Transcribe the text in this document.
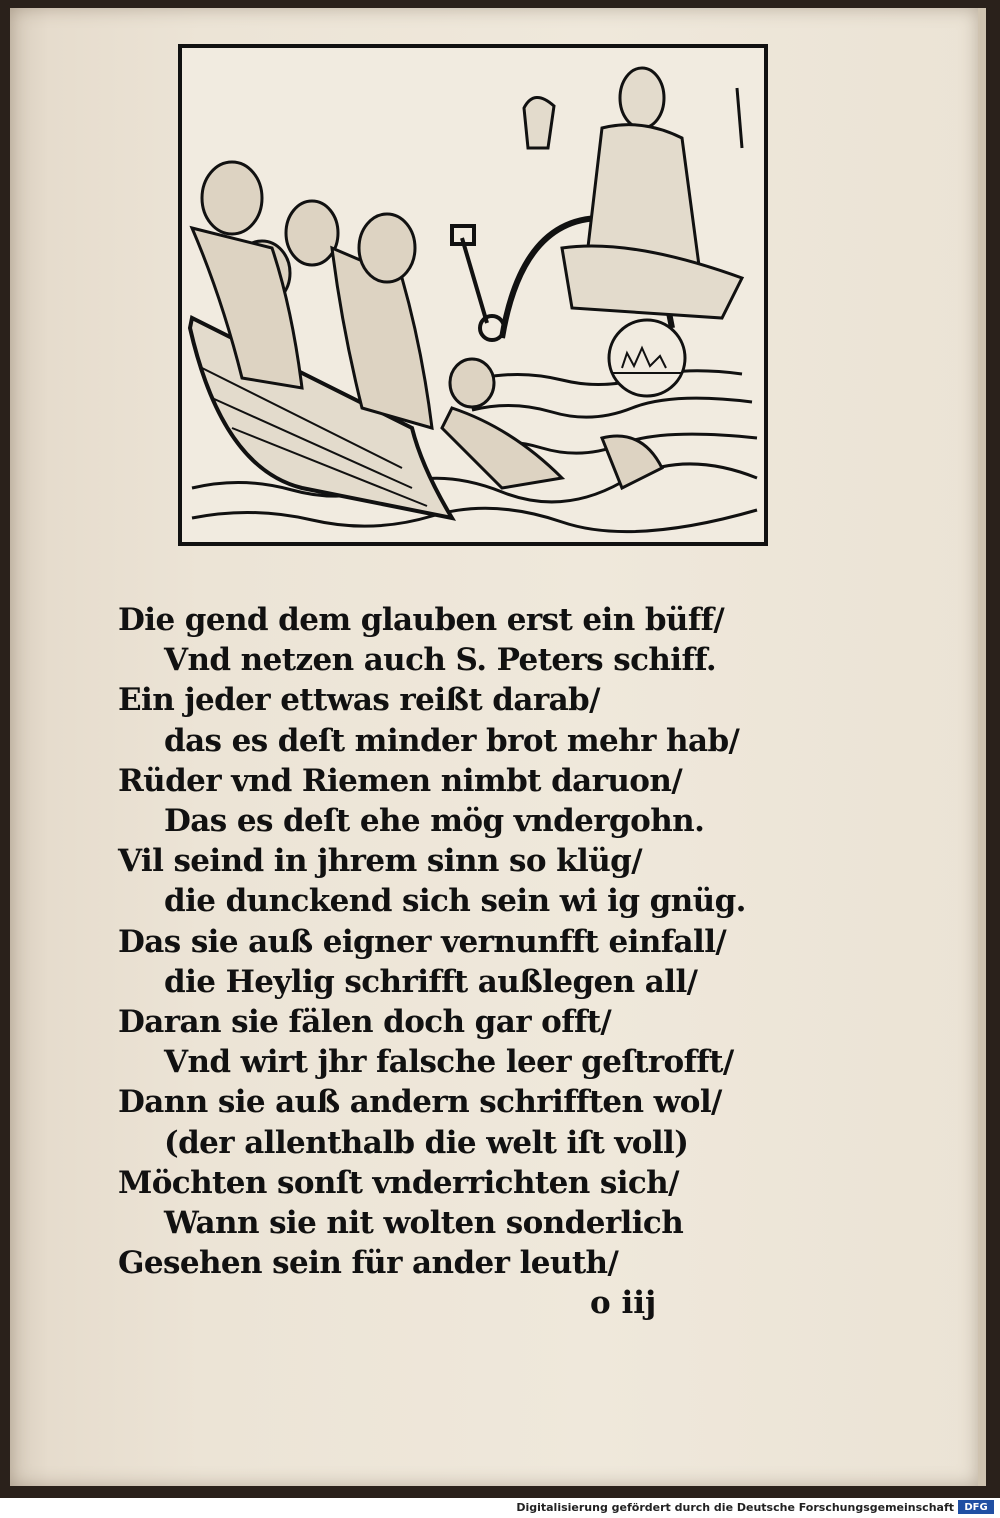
Die gend dem glauben erst ein büff/
Vnd netzen auch S. Peters schiff.
Ein jeder ettwas reißt darab/
das es deſt minder brot mehr hab/
Rüder vnd Riemen nimbt daruon/
Das es deſt ehe mög vndergohn.
Vil seind in jhrem sinn so klüg/
die dunckend sich sein wi ig gnüg.
Das sie auß eigner vernunfft einfall/
die Heylig schrifft außlegen all/
Daran sie fälen doch gar offt/
Vnd wirt jhr falsche leer geſtrofft/
Dann sie auß andern schrifften wol/
(der allenthalb die welt iſt voll)
Möchten sonſt vnderrichten sich/
Wann sie nit wolten sonderlich
Gesehen sein für ander leuth/
o iij
Digitalisierung gefördert durch die Deutsche Forschungsgemeinschaft	DFG
